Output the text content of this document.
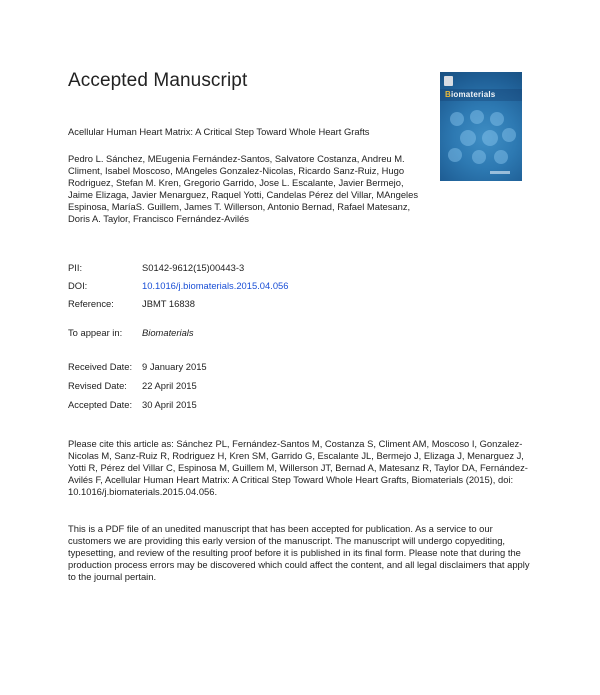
Accepted Manuscript
Biomaterials
Acellular Human Heart Matrix: A Critical Step Toward Whole Heart Grafts
Pedro L. Sánchez, MEugenia Fernández-Santos, Salvatore Costanza, Andreu M. Climent, Isabel Moscoso, MAngeles Gonzalez-Nicolas, Ricardo Sanz-Ruiz, Hugo Rodriguez, Stefan M. Kren, Gregorio Garrido, Jose L. Escalante, Javier Bermejo, Jaime Elizaga, Javier Menarguez, Raquel Yotti, Candelas Pérez del Villar, MAngeles Espinosa, MaríaS. Guillem, James T. Willerson, Antonio Bernad, Rafael Matesanz, Doris A. Taylor, Francisco Fernández-Avilés
PII:	S0142-9612(15)00443-3
DOI:	10.1016/j.biomaterials.2015.04.056
Reference:	JBMT 16838
To appear in: Biomaterials
Received Date: 9 January 2015
Revised Date: 22 April 2015
Accepted Date: 30 April 2015
Please cite this article as: Sánchez PL, Fernández-Santos M, Costanza S, Climent AM, Moscoso I, Gonzalez-Nicolas M, Sanz-Ruiz R, Rodriguez H, Kren SM, Garrido G, Escalante JL, Bermejo J, Elizaga J, Menarguez J, Yotti R, Pérez del Villar C, Espinosa M, Guillem M, Willerson JT, Bernad A, Matesanz R, Taylor DA, Fernández-Avilés F, Acellular Human Heart Matrix: A Critical Step Toward Whole Heart Grafts, Biomaterials (2015), doi: 10.1016/j.biomaterials.2015.04.056.
This is a PDF file of an unedited manuscript that has been accepted for publication. As a service to our customers we are providing this early version of the manuscript. The manuscript will undergo copyediting, typesetting, and review of the resulting proof before it is published in its final form. Please note that during the production process errors may be discovered which could affect the content, and all legal disclaimers that apply to the journal pertain.
